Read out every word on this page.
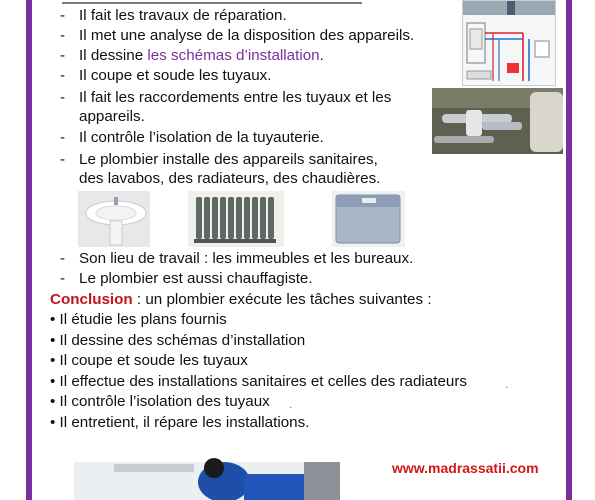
- Il fait les travaux de réparation.
- Il met une analyse de la disposition des appareils.
- Il dessine les schémas d’installation.
- Il coupe et soude les tuyaux.
- Il fait les raccordements entre les tuyaux et les
appareils.
- Il contrôle l’isolation de la tuyauterie.
- Le plombier installe des appareils sanitaires,
des lavabos, des radiateurs, des chaudières.
- Son lieu de travail : les immeubles et les bureaux.
- Le plombier est aussi chauffagiste.
Conclusion : un plombier exécute les tâches suivantes :
• Il étudie les plans fournis
• Il dessine des schémas d’installation
• Il coupe et soude les tuyaux
• Il effectue des installations sanitaires et celles des radiateurs	.
• Il contrôle l’isolation des tuyaux .
• Il entretient, il répare les installations.
www.madrassatii.com
